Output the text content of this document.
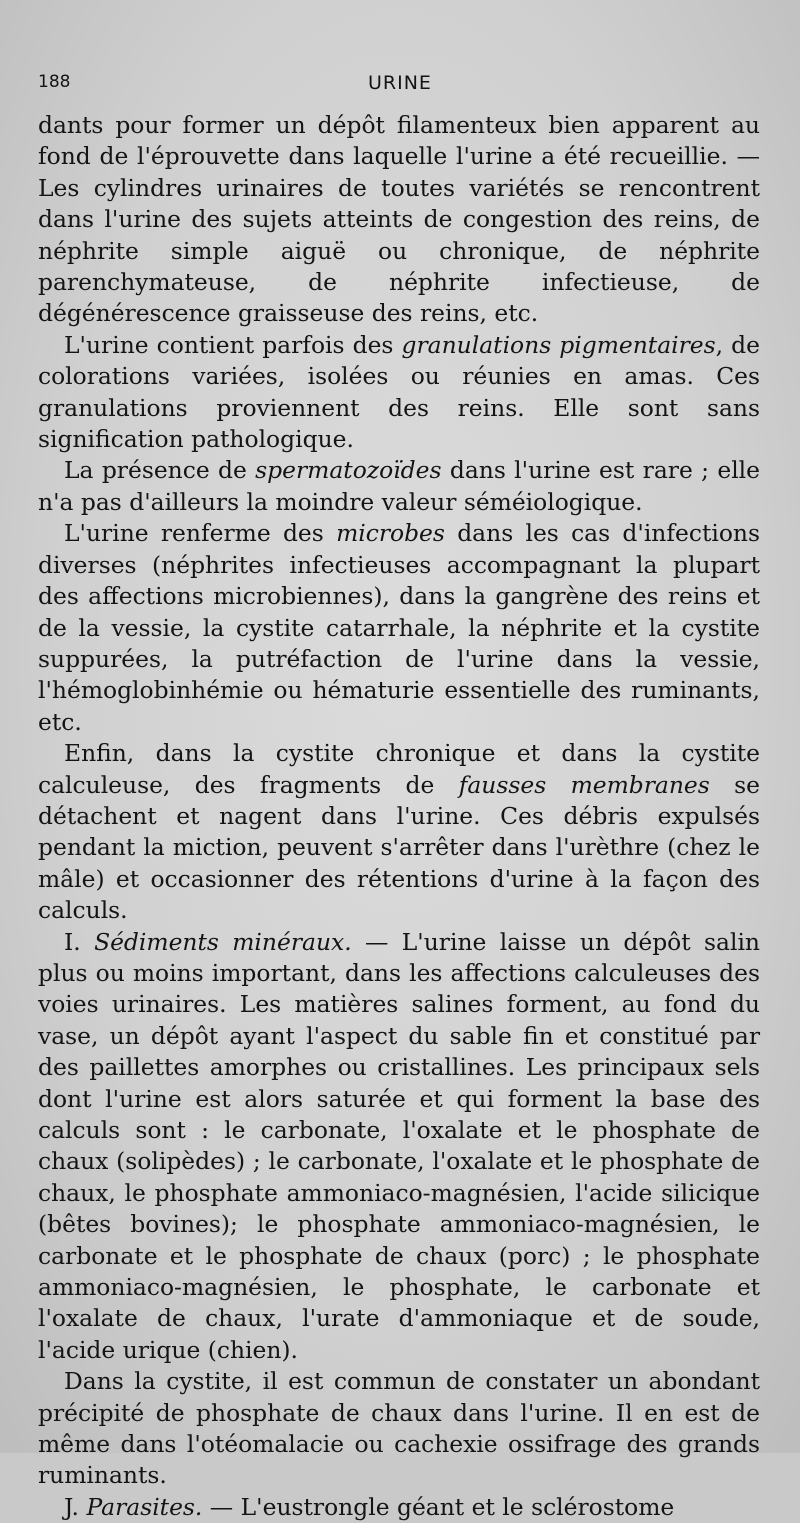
188	URINE

dants pour former un dépôt filamenteux bien apparent au fond de l'éprouvette dans laquelle l'urine a été recueillie. — Les cylindres urinaires de toutes variétés se rencontrent dans l'urine des sujets atteints de congestion des reins, de néphrite simple aiguë ou chronique, de néphrite parenchymateuse, de néphrite infectieuse, de dégénérescence graisseuse des reins, etc.

L'urine contient parfois des granulations pigmentaires, de colorations variées, isolées ou réunies en amas. Ces granulations proviennent des reins. Elle sont sans signification pathologique.

La présence de spermatozoïdes dans l'urine est rare ; elle n'a pas d'ailleurs la moindre valeur séméiologique.

L'urine renferme des microbes dans les cas d'infections diverses (néphrites infectieuses accompagnant la plupart des affections microbiennes), dans la gangrène des reins et de la vessie, la cystite catarrhale, la néphrite et la cystite suppurées, la putréfaction de l'urine dans la vessie, l'hémoglobinhémie ou hématurie essentielle des ruminants, etc.

Enfin, dans la cystite chronique et dans la cystite calculeuse, des fragments de fausses membranes se détachent et nagent dans l'urine. Ces débris expulsés pendant la miction, peuvent s'arrêter dans l'urèthre (chez le mâle) et occasionner des rétentions d'urine à la façon des calculs.

I. Sédiments minéraux. — L'urine laisse un dépôt salin plus ou moins important, dans les affections calculeuses des voies urinaires. Les matières salines forment, au fond du vase, un dépôt ayant l'aspect du sable fin et constitué par des paillettes amorphes ou cristallines. Les principaux sels dont l'urine est alors saturée et qui forment la base des calculs sont : le carbonate, l'oxalate et le phosphate de chaux (solipèdes) ; le carbonate, l'oxalate et le phosphate de chaux, le phosphate ammoniaco-magnésien, l'acide silicique (bêtes bovines); le phosphate ammoniaco-magnésien, le carbonate et le phosphate de chaux (porc) ; le phosphate ammoniaco-magnésien, le phosphate, le carbonate et l'oxalate de chaux, l'urate d'ammoniaque et de soude, l'acide urique (chien).

Dans la cystite, il est commun de constater un abondant précipité de phosphate de chaux dans l'urine. Il en est de même dans l'otéomalacie ou cachexie ossifrage des grands ruminants.

J. Parasites. — L'eustrongle géant et le sclérostome
